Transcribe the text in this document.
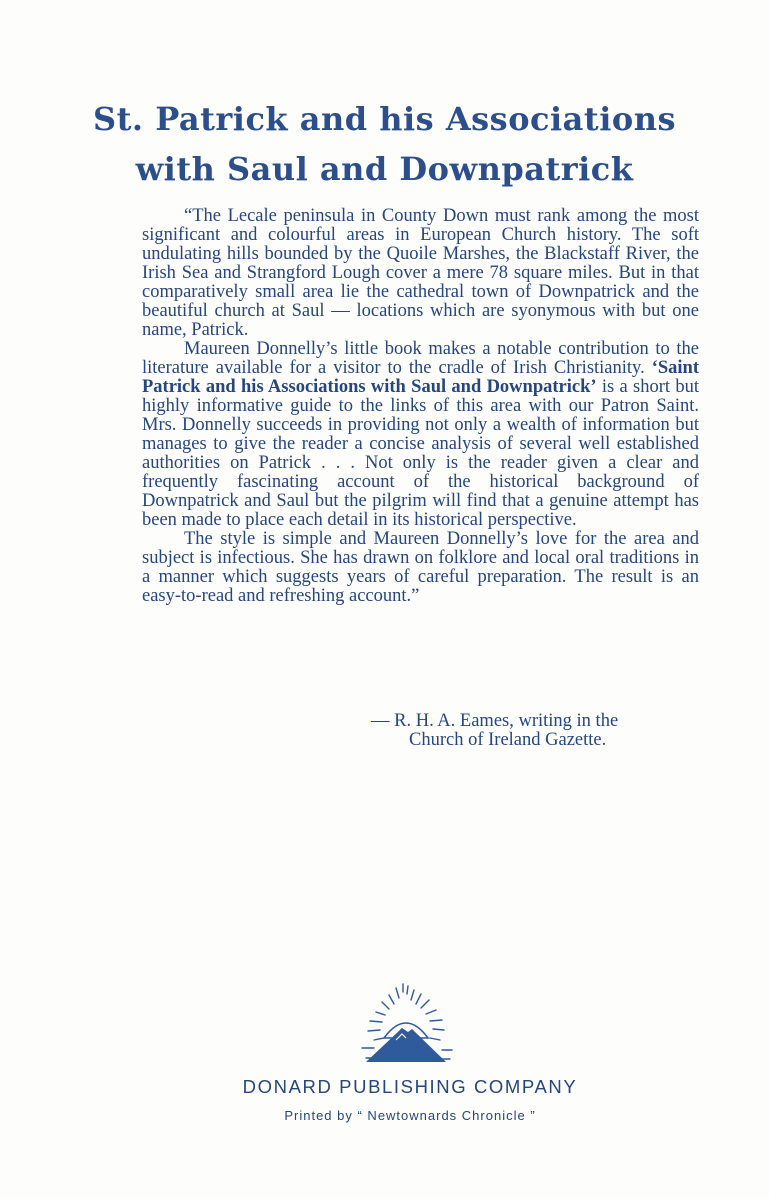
St. Patrick and his Associations
with Saul and Downpatrick

“The Lecale peninsula in County Down must rank among the most significant and colourful areas in European Church history. The soft undulating hills bounded by the Quoile Marshes, the Blackstaff River, the Irish Sea and Strangford Lough cover a mere 78 square miles. But in that comparatively small area lie the cathedral town of Downpatrick and the beautiful church at Saul — locations which are syonymous with but one name, Patrick.

Maureen Donnelly’s little book makes a notable contribution to the literature available for a visitor to the cradle of Irish Christianity. ‘Saint Patrick and his Associations with Saul and Downpatrick’ is a short but highly informative guide to the links of this area with our Patron Saint. Mrs. Donnelly succeeds in providing not only a wealth of information but manages to give the reader a concise analysis of several well established authorities on Patrick . . . Not only is the reader given a clear and frequently fascinating account of the historical background of Downpatrick and Saul but the pilgrim will find that a genuine attempt has been made to place each detail in its historical perspective.

The style is simple and Maureen Donnelly’s love for the area and subject is infectious. She has drawn on folklore and local oral traditions in a manner which suggests years of careful preparation. The result is an easy-to-read and refreshing account.”

— R. H. A. Eames, writing in the
Church of Ireland Gazette.
DONARD PUBLISHING COMPANY
Printed by “ Newtownards Chronicle ”
